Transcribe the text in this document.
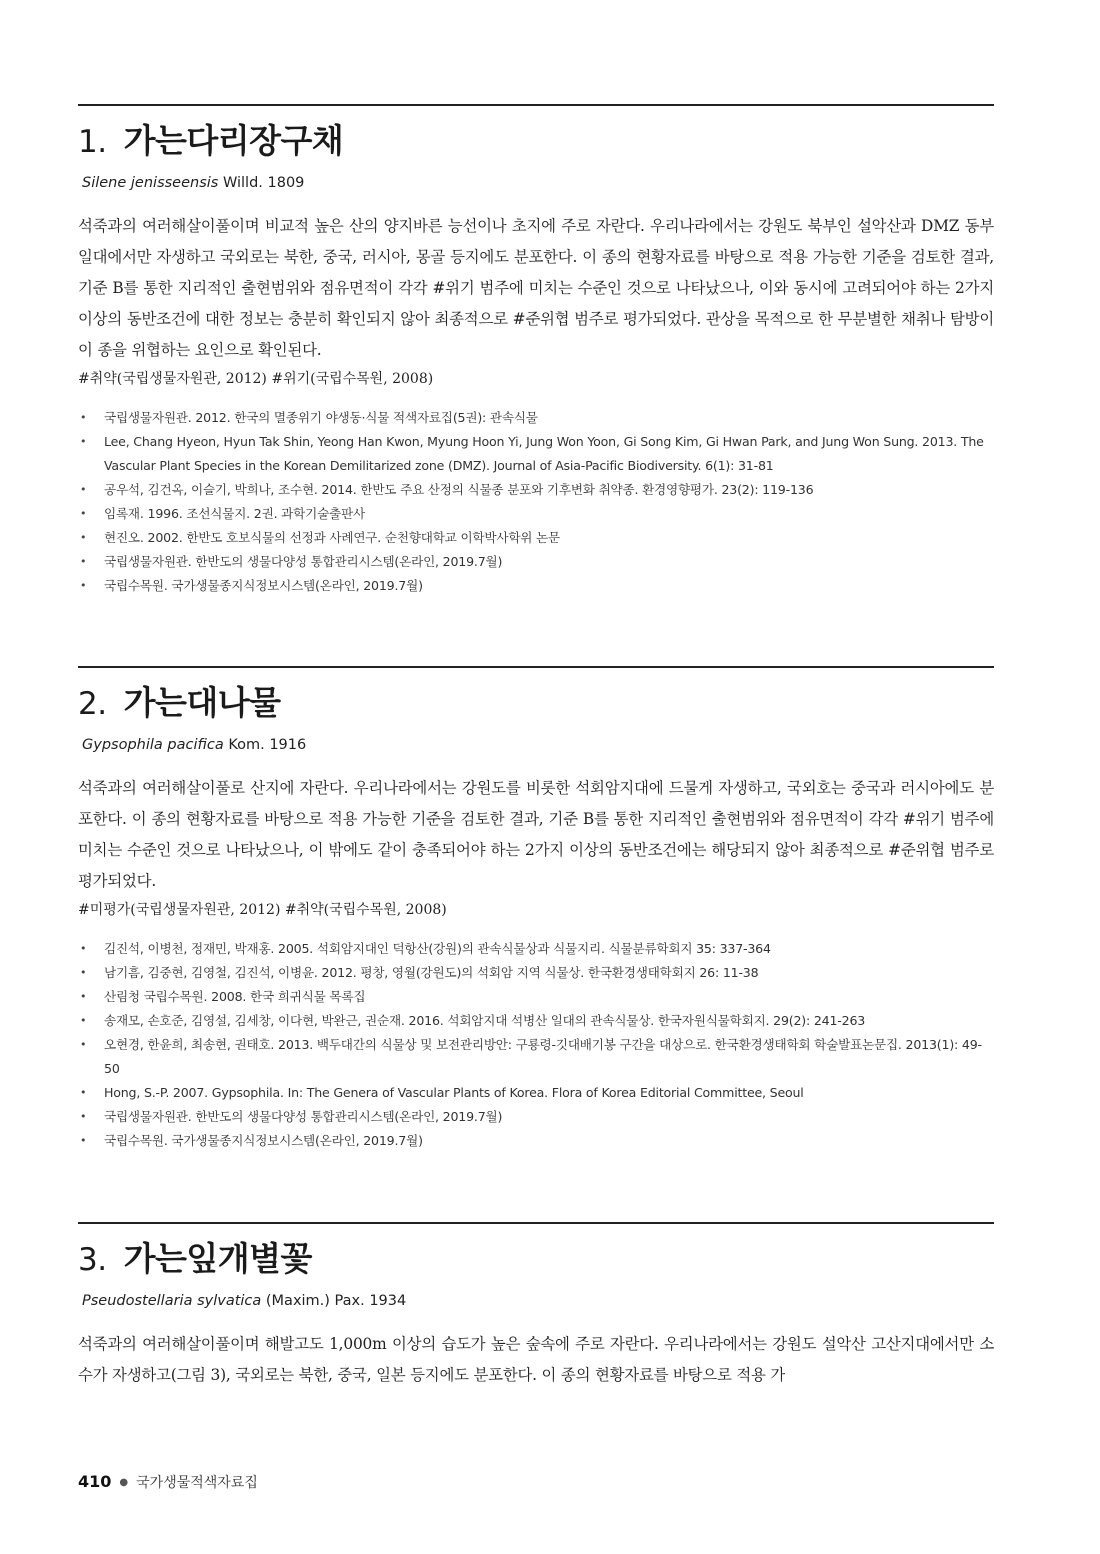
1. 가는다리장구채
Silene jenisseensis Willd. 1809

석죽과의 여러해살이풀이며 비교적 높은 산의 양지바른 능선이나 초지에 주로 자란다. 우리나라에서는 강원도 북부인 설악산과 DMZ 동부 일대에서만 자생하고 국외로는 북한, 중국, 러시아, 몽골 등지에도 분포한다. 이 종의 현황자료를 바탕으로 적용 가능한 기준을 검토한 결과, 기준 B를 통한 지리적인 출현범위와 점유면적이 각각 #위기 범주에 미치는 수준인 것으로 나타났으나, 이와 동시에 고려되어야 하는 2가지 이상의 동반조건에 대한 정보는 충분히 확인되지 않아 최종적으로 #준위협 범주로 평가되었다. 관상을 목적으로 한 무분별한 채취나 탐방이 이 종을 위협하는 요인으로 확인된다.

#취약(국립생물자원관, 2012) #위기(국립수목원, 2008)

• 국립생물자원관. 2012. 한국의 멸종위기 야생동·식물 적색자료집(5권): 관속식물
• Lee, Chang Hyeon, Hyun Tak Shin, Yeong Han Kwon, Myung Hoon Yi, Jung Won Yoon, Gi Song Kim, Gi Hwan Park, and Jung Won Sung. 2013. The Vascular Plant Species in the Korean Demilitarized zone (DMZ). Journal of Asia-Pacific Biodiversity. 6(1): 31-81
• 공우석, 김건옥, 이슬기, 박희나, 조수현. 2014. 한반도 주요 산정의 식물종 분포와 기후변화 취약종. 환경영향평가. 23(2): 119-136
• 임록재. 1996. 조선식물지. 2권. 과학기술출판사
• 현진오. 2002. 한반도 호보식물의 선정과 사례연구. 순천향대학교 이학박사학위 논문
• 국립생물자원관. 한반도의 생물다양성 통합관리시스템(온라인, 2019.7월)
• 국립수목원. 국가생물종지식정보시스템(온라인, 2019.7월)
2. 가는대나물
Gypsophila pacifica Kom. 1916

석죽과의 여러해살이풀로 산지에 자란다. 우리나라에서는 강원도를 비롯한 석회암지대에 드물게 자생하고, 국외호는 중국과 러시아에도 분포한다. 이 종의 현황자료를 바탕으로 적용 가능한 기준을 검토한 결과, 기준 B를 통한 지리적인 출현범위와 점유면적이 각각 #위기 범주에 미치는 수준인 것으로 나타났으나, 이 밖에도 같이 충족되어야 하는 2가지 이상의 동반조건에는 해당되지 않아 최종적으로 #준위협 범주로 평가되었다.

#미평가(국립생물자원관, 2012) #취약(국립수목원, 2008)

• 김진석, 이병천, 정재민, 박재홍. 2005. 석회암지대인 덕항산(강원)의 관속식물상과 식물지리. 식물분류학회지 35: 337-364
• 남기흠, 김중현, 김영철, 김진석, 이병윤. 2012. 평창, 영월(강원도)의 석회암 지역 식물상. 한국환경생태학회지 26: 11-38
• 산림청 국립수목원. 2008. 한국 희귀식물 목록집
• 송재모, 손호준, 김영설, 김세창, 이다현, 박완근, 권순재. 2016. 석회암지대 석병산 일대의 관속식물상. 한국자원식물학회지. 29(2): 241-263
• 오현경, 한윤희, 최송현, 권태호. 2013. 백두대간의 식물상 및 보전관리방안: 구룡령-깃대배기봉 구간을 대상으로. 한국환경생태학회 학술발표논문집. 2013(1): 49-50
• Hong, S.-P. 2007. Gypsophila. In: The Genera of Vascular Plants of Korea. Flora of Korea Editorial Committee, Seoul
• 국립생물자원관. 한반도의 생물다양성 통합관리시스템(온라인, 2019.7월)
• 국립수목원. 국가생물종지식정보시스템(온라인, 2019.7월)
3. 가는잎개별꽃
Pseudostellaria sylvatica (Maxim.) Pax. 1934

석죽과의 여러해살이풀이며 해발고도 1,000m 이상의 습도가 높은 숲속에 주로 자란다. 우리나라에서는 강원도 설악산 고산지대에서만 소수가 자생하고(그림 3), 국외로는 북한, 중국, 일본 등지에도 분포한다. 이 종의 현황자료를 바탕으로 적용 가

410 ● 국가생물적색자료집
